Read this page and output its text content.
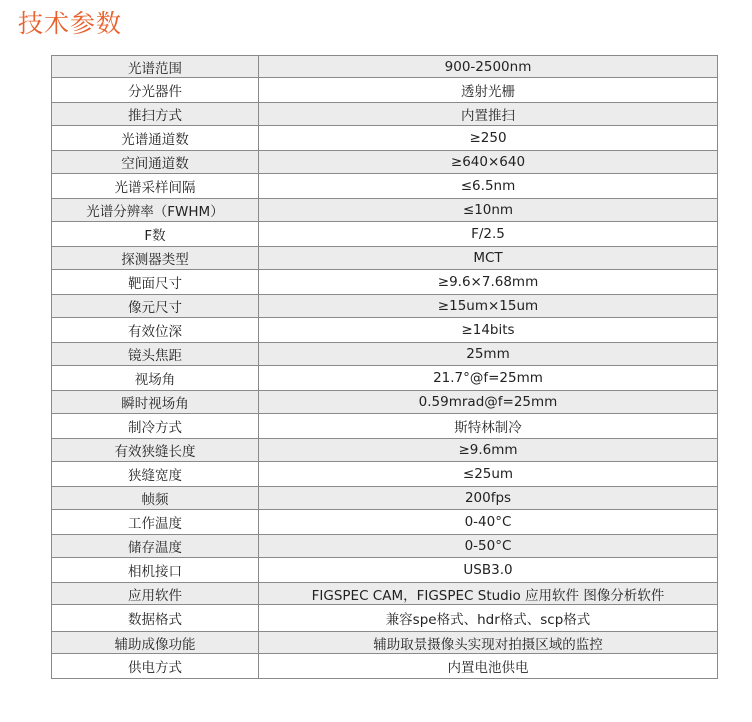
技术参数
光谱范围	900-2500nm
分光器件	透射光栅
推扫方式	内置推扫
光谱通道数	≥250
空间通道数	≥640×640
光谱采样间隔	≤6.5nm
光谱分辨率（FWHM）	≤10nm
F数	F/2.5
探测器类型	MCT
靶面尺寸	≥9.6×7.68mm
像元尺寸	≥15um×15um
有效位深	≥14bits
镜头焦距	25mm
视场角	21.7°@f=25mm
瞬时视场角	0.59mrad@f=25mm
制冷方式	斯特林制冷
有效狭缝长度	≥9.6mm
狭缝宽度	≤25um
帧频	200fps
工作温度	0-40°C
储存温度	0-50°C
相机接口	USB3.0
应用软件	FIGSPEC CAM，FIGSPEC Studio 应用软件 图像分析软件
数据格式	兼容spe格式、hdr格式、scp格式
辅助成像功能	辅助取景摄像头实现对拍摄区域的监控
供电方式	内置电池供电
